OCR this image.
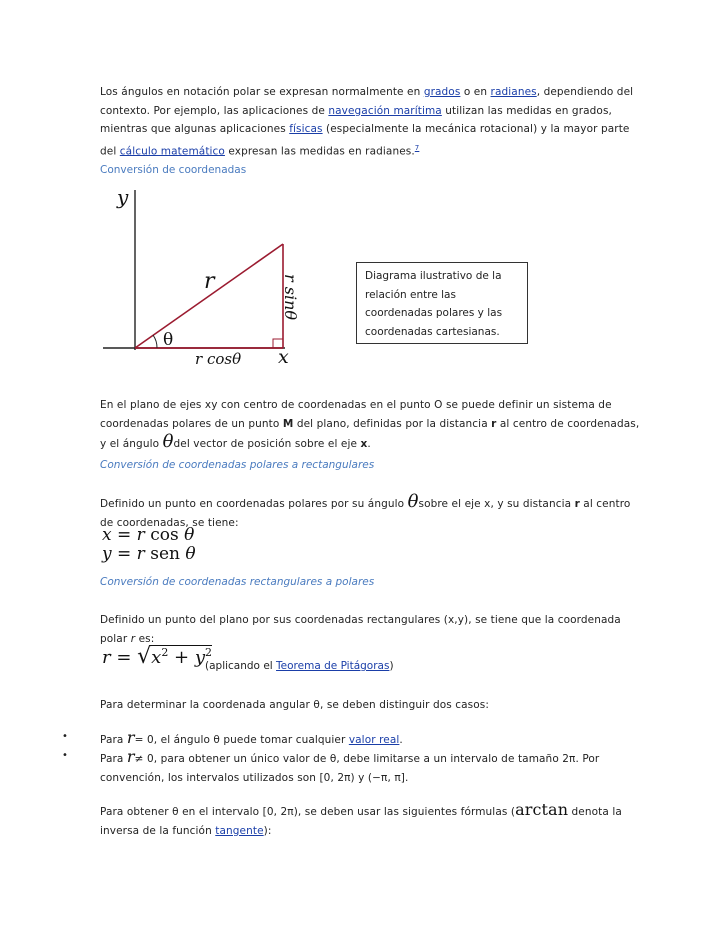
Los ángulos en notación polar se expresan normalmente en grados o en radianes, dependiendo del contexto. Por ejemplo, las aplicaciones de navegación marítima utilizan las medidas en grados, mientras que algunas aplicaciones físicas (especialmente la mecánica rotacional) y la mayor parte del cálculo matemático expresan las medidas en radianes.$^7$
Conversión de coordenadas
y
x
r
θ
r cosθ
r sinθ	Diagrama ilustrativo de la relación entre las coordenadas polares y las coordenadas cartesianas.
En el plano de ejes xy con centro de coordenadas en el punto O se puede definir un sistema de coordenadas polares de un punto M del plano, definidas por la distancia r al centro de coordenadas, y el ángulo θdel vector de posición sobre el eje x.
Conversión de coordenadas polares a rectangulares
Definido un punto en coordenadas polares por su ángulo θsobre el eje x, y su distancia r al centro de coordenadas, se tiene:
x = r cos θ
y = r sen θ
Conversión de coordenadas rectangulares a polares
Definido un punto del plano por sus coordenadas rectangulares (x,y), se tiene que la coordenada polar r es:
$r = √x^2 + y^2$
(aplicando el Teorema de Pitágoras)
Para determinar la coordenada angular θ, se deben distinguir dos casos:
•	Para r= 0, el ángulo θ puede tomar cualquier valor real.
•	Para r≠ 0, para obtener un único valor de θ, debe limitarse a un intervalo de tamaño 2π. Por convención, los intervalos utilizados son [0, 2π) y (−π, π].
Para obtener θ en el intervalo [0, 2π), se deben usar las siguientes fórmulas (arctan denota la inversa de la función tangente):
